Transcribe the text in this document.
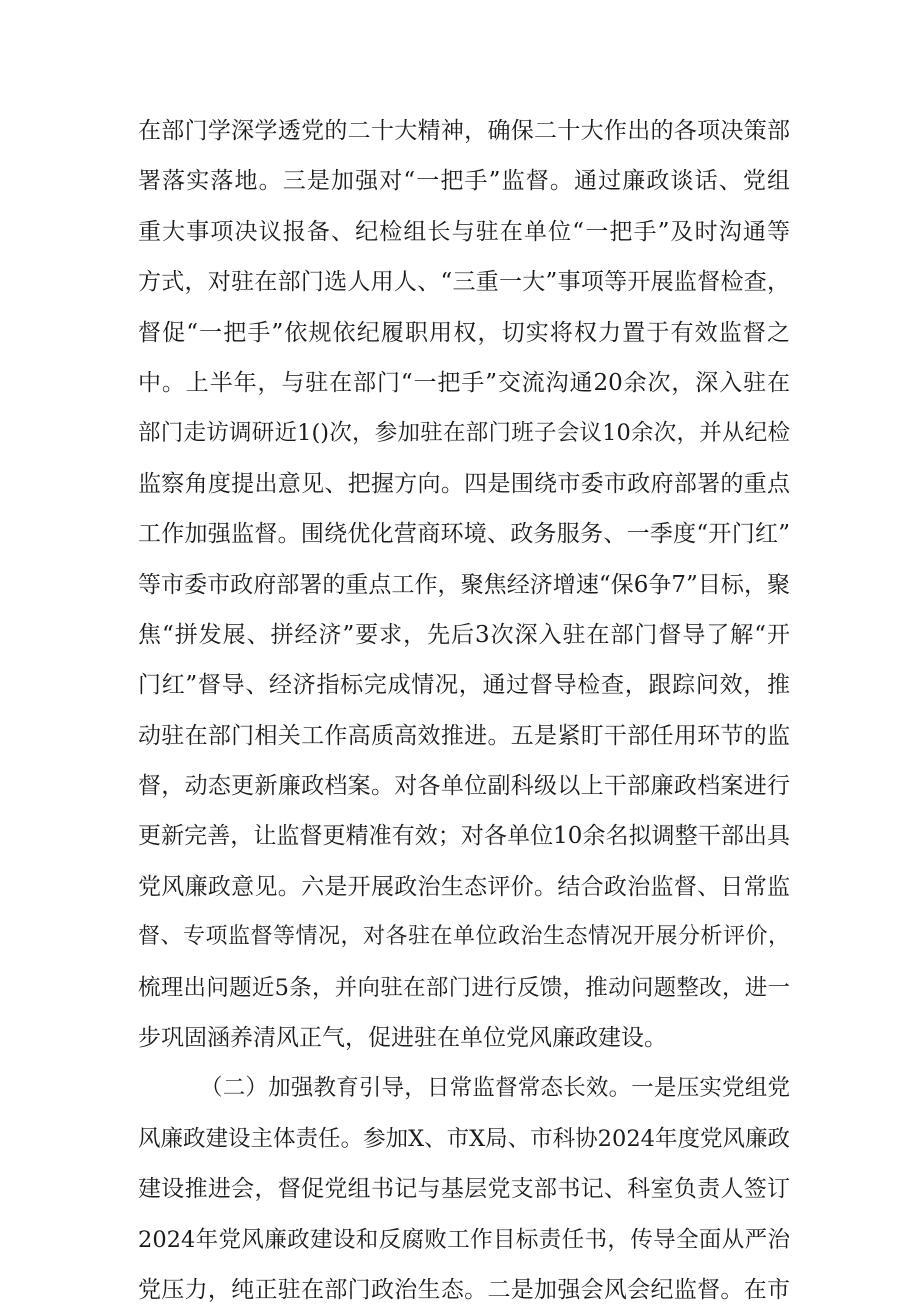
在部门学深学透党的二十大精神，确保二十大作出的各项决策部
署落实落地。三是加强对“一把手”监督。通过廉政谈话、党组
重大事项决议报备、纪检组长与驻在单位“一把手”及时沟通等
方式，对驻在部门选人用人、“三重一大”事项等开展监督检查，
督促“一把手”依规依纪履职用权，切实将权力置于有效监督之
中。上半年，与驻在部门“一把手”交流沟通20余次，深入驻在
部门走访调研近1()次，参加驻在部门班子会议10余次，并从纪检
监察角度提出意见、把握方向。四是围绕市委市政府部署的重点
工作加强监督。围绕优化营商环境、政务服务、一季度“开门红”
等市委市政府部署的重点工作，聚焦经济增速“保6争7”目标，聚
焦“拼发展、拼经济”要求，先后3次深入驻在部门督导了解“开
门红”督导、经济指标完成情况，通过督导检查，跟踪问效，推
动驻在部门相关工作高质高效推进。五是紧盯干部任用环节的监
督，动态更新廉政档案。对各单位副科级以上干部廉政档案进行
更新完善，让监督更精准有效；对各单位10余名拟调整干部出具
党风廉政意见。六是开展政治生态评价。结合政治监督、日常监
督、专项监督等情况，对各驻在单位政治生态情况开展分析评价，
梳理出问题近5条，并向驻在部门进行反馈，推动问题整改，进一
步巩固涵养清风正气，促进驻在单位党风廉政建设。
（二）加强教育引导，日常监督常态长效。一是压实党组党
风廉政建设主体责任。参加X、市X局、市科协2024年度党风廉政
建设推进会，督促党组书记与基层党支部书记、科室负责人签订
2024年党风廉政建设和反腐败工作目标责任书，传导全面从严治
党压力，纯正驻在部门政治生态。二是加强会风会纪监督。在市
